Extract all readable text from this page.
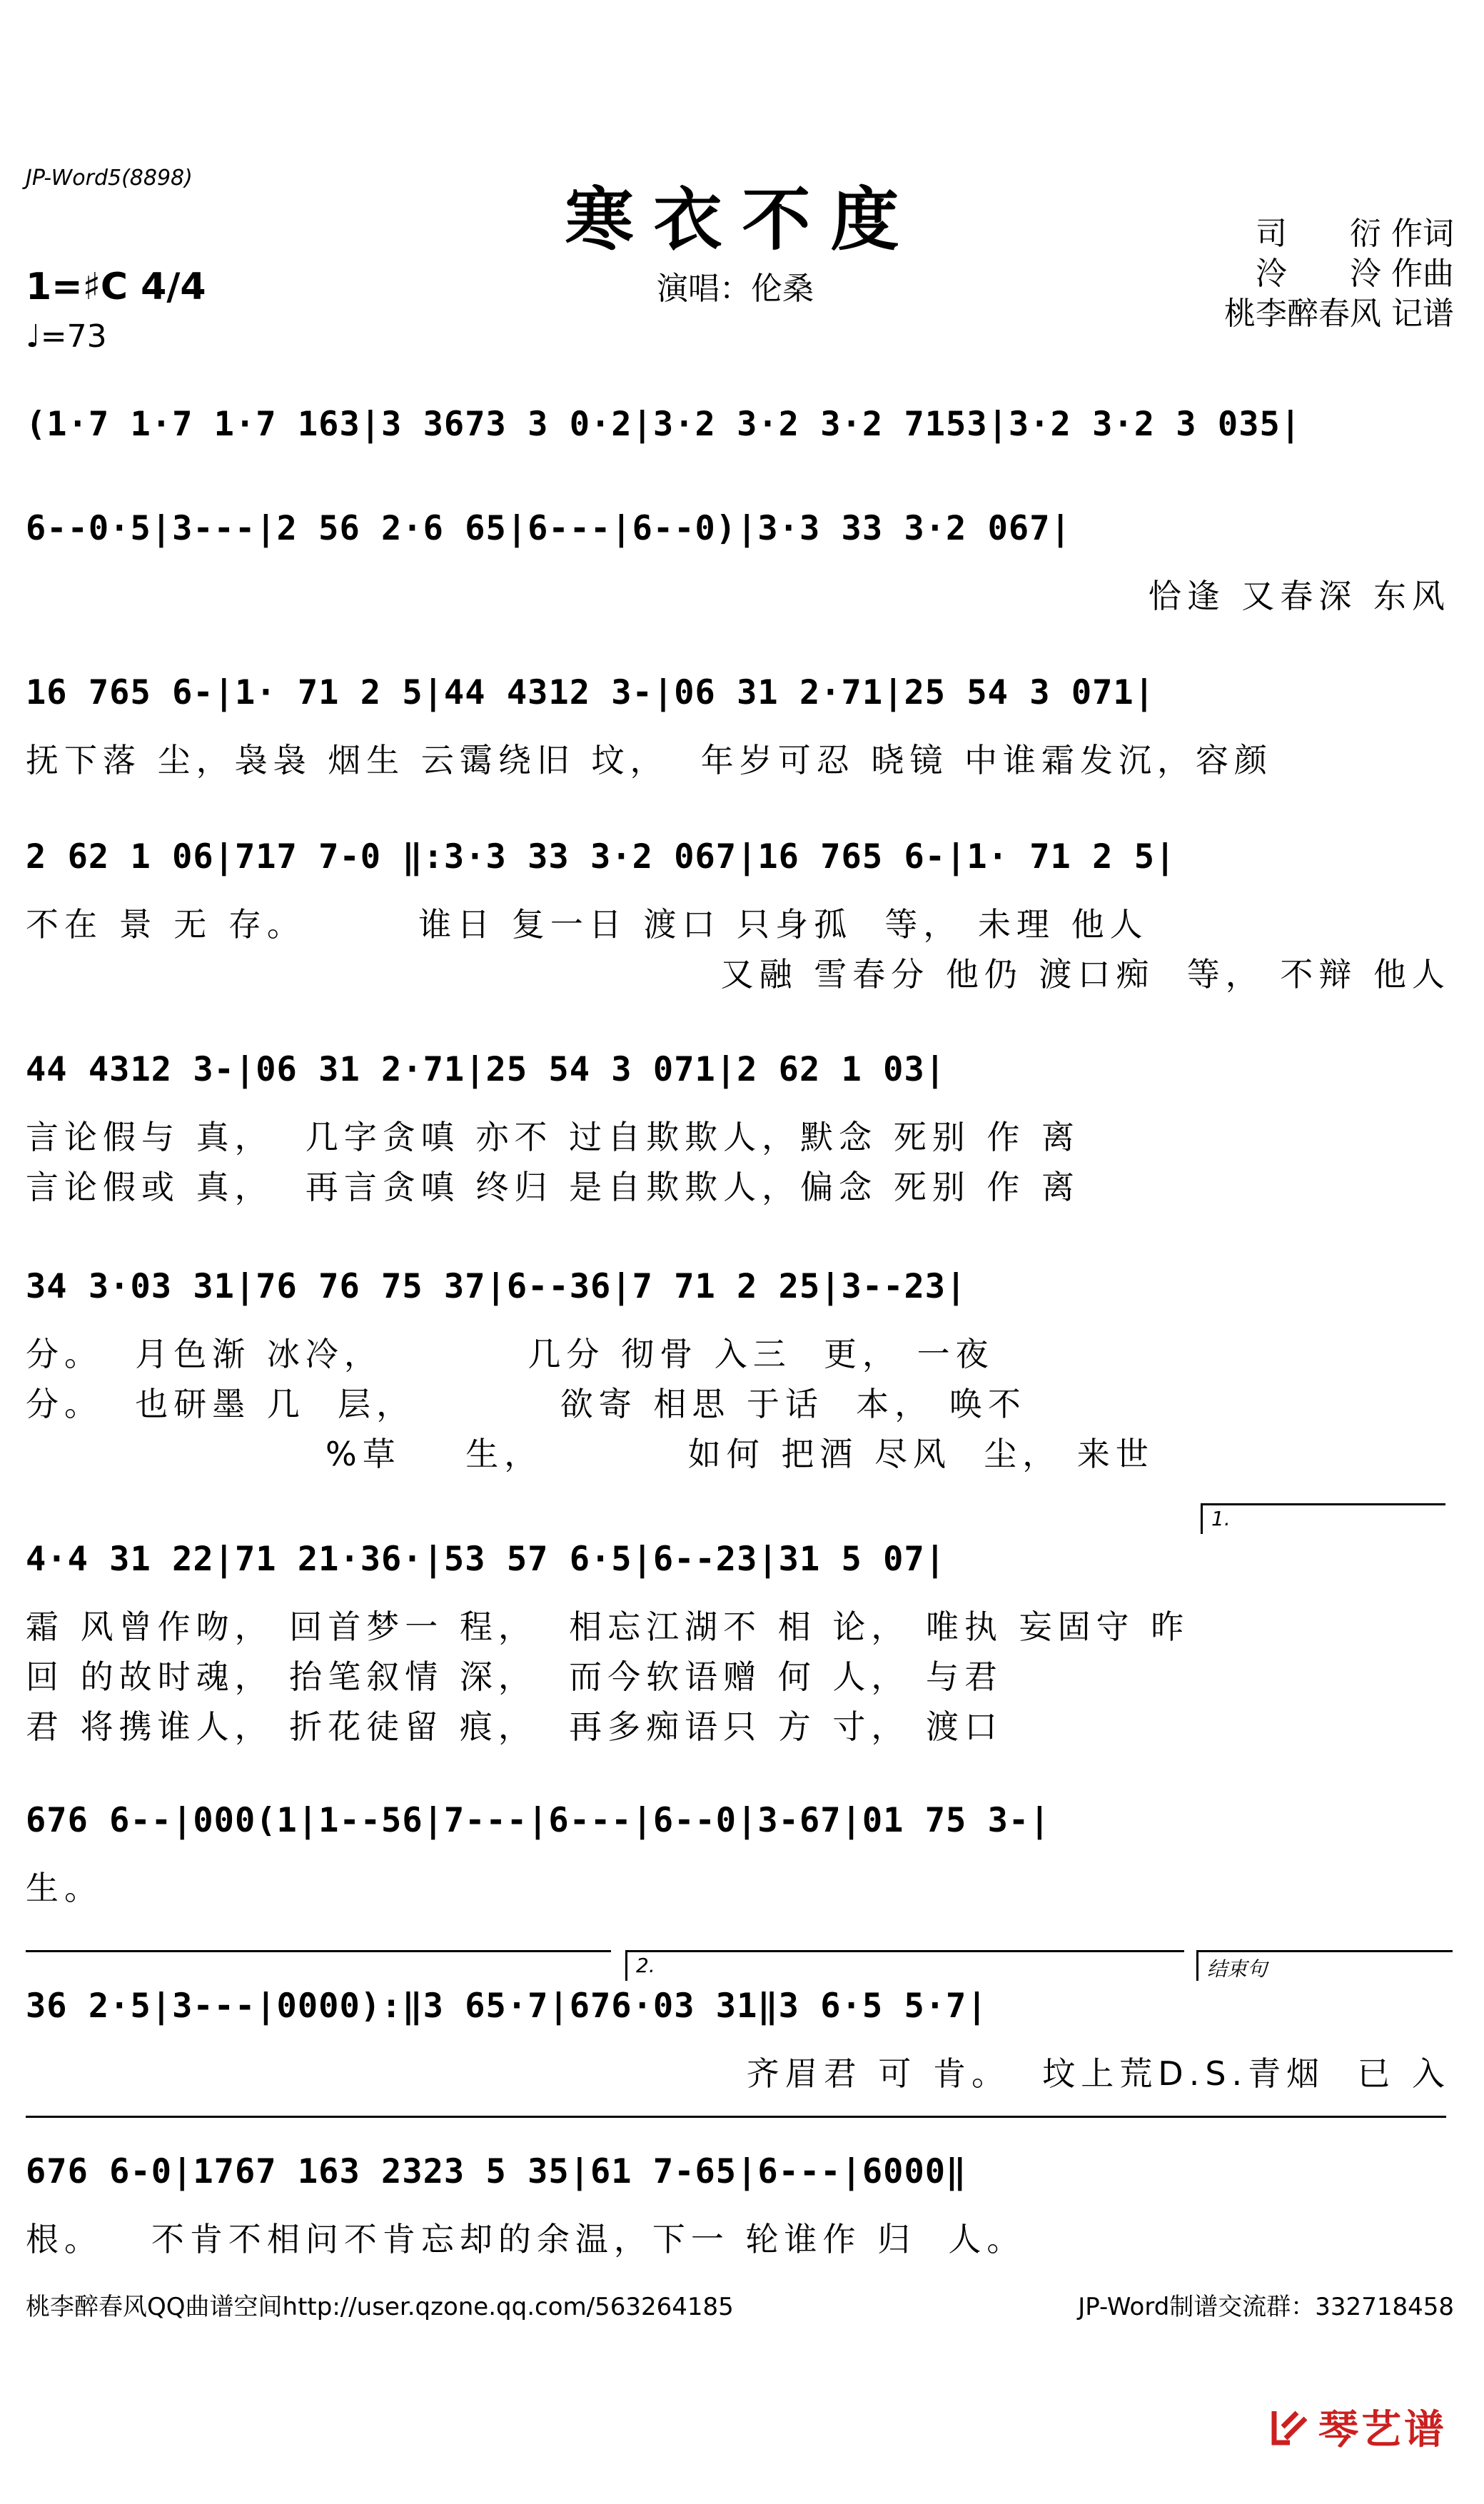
JP-Word5(8898)
寒衣不度
演唱：伦桑
司　　衍 作词
泠　　泠 作曲
桃李醉春风 记谱
1=♯C 4/4
♩=73
(1·7 1·7 1·7 163|3 3673 3 0·2|3·2 3·2 3·2 7153|3·2 3·2 3 035|
6--0·5|3---|2 56 2·6 65|6---|6--0)|3·3 33 3·2 067|
恰逢 又春深 东风
16 765 6-|1· 71 2 5|44 4312 3-|06 31 2·71|25 54 3 071|
抚下落 尘，袅袅 烟生 云霭绕旧 坟，  年岁可忍 晓镜 中谁霜发沉，容颜
2 62 1 06|717 7-0 ‖:3·3 33 3·2 067|16 765 6-|1· 71 2 5|
不在 景 无 存。       谁日 复一日 渡口 只身孤  等， 未理 他人
又融 雪春分 他仍 渡口痴  等， 不辩 他人
44 4312 3-|06 31 2·71|25 54 3 071|2 62 1 03|
言论假与 真，  几字贪嗔 亦不 过自欺欺人，默念 死别 作 离
言论假或 真，  再言贪嗔 终归 是自欺欺人，偏念 死别 作 离
34 3·03 31|76 76 75 37|6--36|7 71 2 25|3--23|
分。  月色渐 冰冷，         几分 彻骨 入三  更， 一夜
分。  也研墨 几  层，         欲寄 相思 于话  本， 唤不
%草    生，         如何 把酒 尽风  尘， 来世
1.
4·4 31 22|71 21·36·|53 57 6·5|6--23|31 5 07|
霜 风曾作吻， 回首梦一 程，  相忘江湖不 相 论， 唯执 妄固守 昨
回 的故时魂， 抬笔叙情 深，  而今软语赠 何 人， 与君
君 将携谁人， 折花徒留 痕，  再多痴语只 方 寸， 渡口
676 6--|000(1|1--56|7---|6---|6--0|3-67|01 75 3-|
生。
2.	结束句
36 2·5|3---|0000):‖3 65·7|676·03 31‖3 6·5 5·7|
齐眉君 可 肯。  坟上荒D.S.青烟  已 入
676 6-0|1767 163 2323 5 35|61 7-65|6---|6000‖
根。   不肯不相问不肯忘却的余温，下一 轮谁作 归  人。
桃李醉春风QQ曲谱空间http://user.qzone.qq.com/563264185	JP-Word制谱交流群：332718458
琴艺谱
